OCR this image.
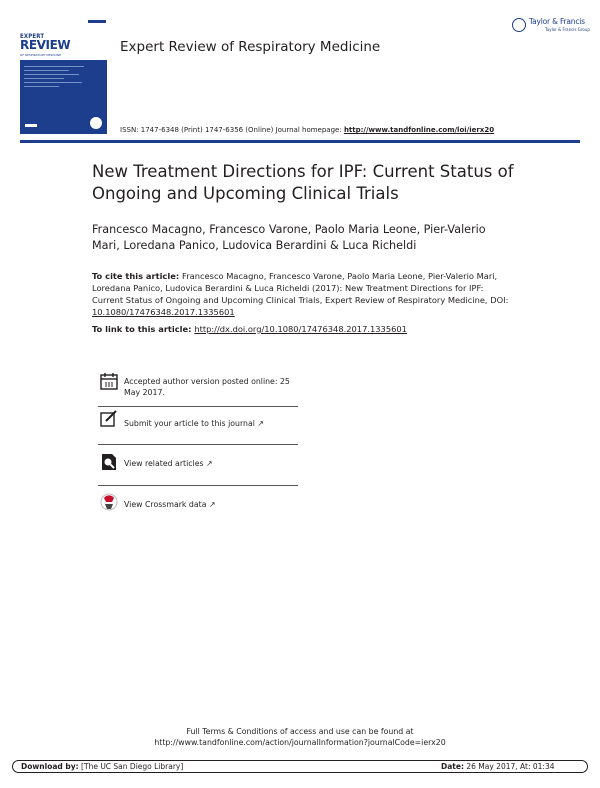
EXPERT
REVIEW
OF RESPIRATORY MEDICINE	Expert Review of Respiratory Medicine
Taylor & Francis
Taylor & Francis Group
ISSN: 1747-6348 (Print) 1747-6356 (Online) Journal homepage: http://www.tandfonline.com/loi/ierx20
New Treatment Directions for IPF: Current Status of Ongoing and Upcoming Clinical Trials
Francesco Macagno, Francesco Varone, Paolo Maria Leone, Pier-Valerio Mari, Loredana Panico, Ludovica Berardini & Luca Richeldi
To cite this article: Francesco Macagno, Francesco Varone, Paolo Maria Leone, Pier-Valerio Mari, Loredana Panico, Ludovica Berardini & Luca Richeldi (2017): New Treatment Directions for IPF: Current Status of Ongoing and Upcoming Clinical Trials, Expert Review of Respiratory Medicine, DOI: 10.1080/17476348.2017.1335601
To link to this article: http://dx.doi.org/10.1080/17476348.2017.1335601
Accepted author version posted online: 25 May 2017.
Submit your article to this journal ↗
View related articles ↗
View Crossmark data ↗
Full Terms & Conditions of access and use can be found at
http://www.tandfonline.com/action/journalInformation?journalCode=ierx20
Download by: [The UC San Diego Library]	Date: 26 May 2017, At: 01:34
